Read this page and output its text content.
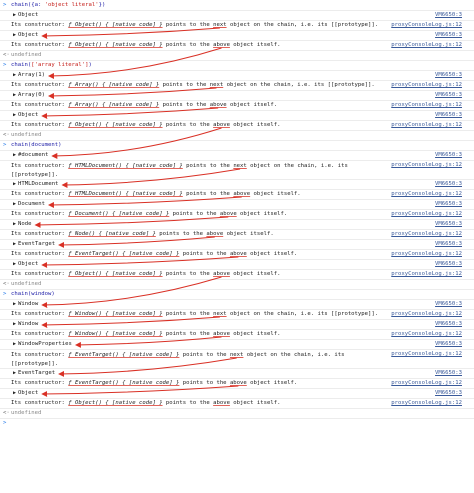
> chain({a: 'object literal'})
▶ Object	VM6650:3
Its constructor: ƒ Object() { [native code] } points to the next object on the chain, i.e. its [[prototype]]. proxyConsoleLog.js:12
▶ Object	VM6650:3
Its constructor: ƒ Object() { [native code] } points to the above object itself.	proxyConsoleLog.js:12
<· undefined
> chain(['array literal'])
▶ Array(1)	VM6650:3
Its constructor: ƒ Array() { [native code] } points to the next object on the chain, i.e. its [[prototype]].	proxyConsoleLog.js:12
▶ Array(0)	VM6650:3
Its constructor: ƒ Array() { [native code] } points to the above object itself.	proxyConsoleLog.js:12
▶ Object	VM6650:3
Its constructor: ƒ Object() { [native code] } points to the above object itself.	proxyConsoleLog.js:12
<· undefined
> chain(document)
▶ #document	VM6650:3
Its constructor: ƒ HTMLDocument() { [native code] } points to the next object on the chain, i.e. its [[prototype]].
proxyConsoleLog.js:12
▶ HTMLDocument	VM6650:3
Its constructor: ƒ HTMLDocument() { [native code] } points to the above object itself.	proxyConsoleLog.js:12
▶ Document	VM6650:3
Its constructor: ƒ Document() { [native code] } points to the above object itself.	proxyConsoleLog.js:12
▶ Node	VM6650:3
Its constructor: ƒ Node() { [native code] } points to the above object itself.	proxyConsoleLog.js:12
▶ EventTarget	VM6650:3
Its constructor: ƒ EventTarget() { [native code] } points to the above object itself.	proxyConsoleLog.js:12
▶ Object	VM6650:3
Its constructor: ƒ Object() { [native code] } points to the above object itself.	proxyConsoleLog.js:12
<· undefined
> chain(window)
▶ Window	VM6650:3
Its constructor: ƒ Window() { [native code] } points to the next object on the chain, i.e. its [[prototype]]. proxyConsoleLog.js:12
▶ Window	VM6650:3
Its constructor: ƒ Window() { [native code] } points to the above object itself.	proxyConsoleLog.js:12
▶ WindowProperties	VM6650:3
Its constructor: ƒ EventTarget() { [native code] } points to the next object on the chain, i.e. its [[prototype]].
proxyConsoleLog.js:12
▶ EventTarget	VM6650:3
Its constructor: ƒ EventTarget() { [native code] } points to the above object itself.	proxyConsoleLog.js:12
▶ Object	VM6650:3
Its constructor: ƒ Object() { [native code] } points to the above object itself.	proxyConsoleLog.js:12
<· undefined
>
